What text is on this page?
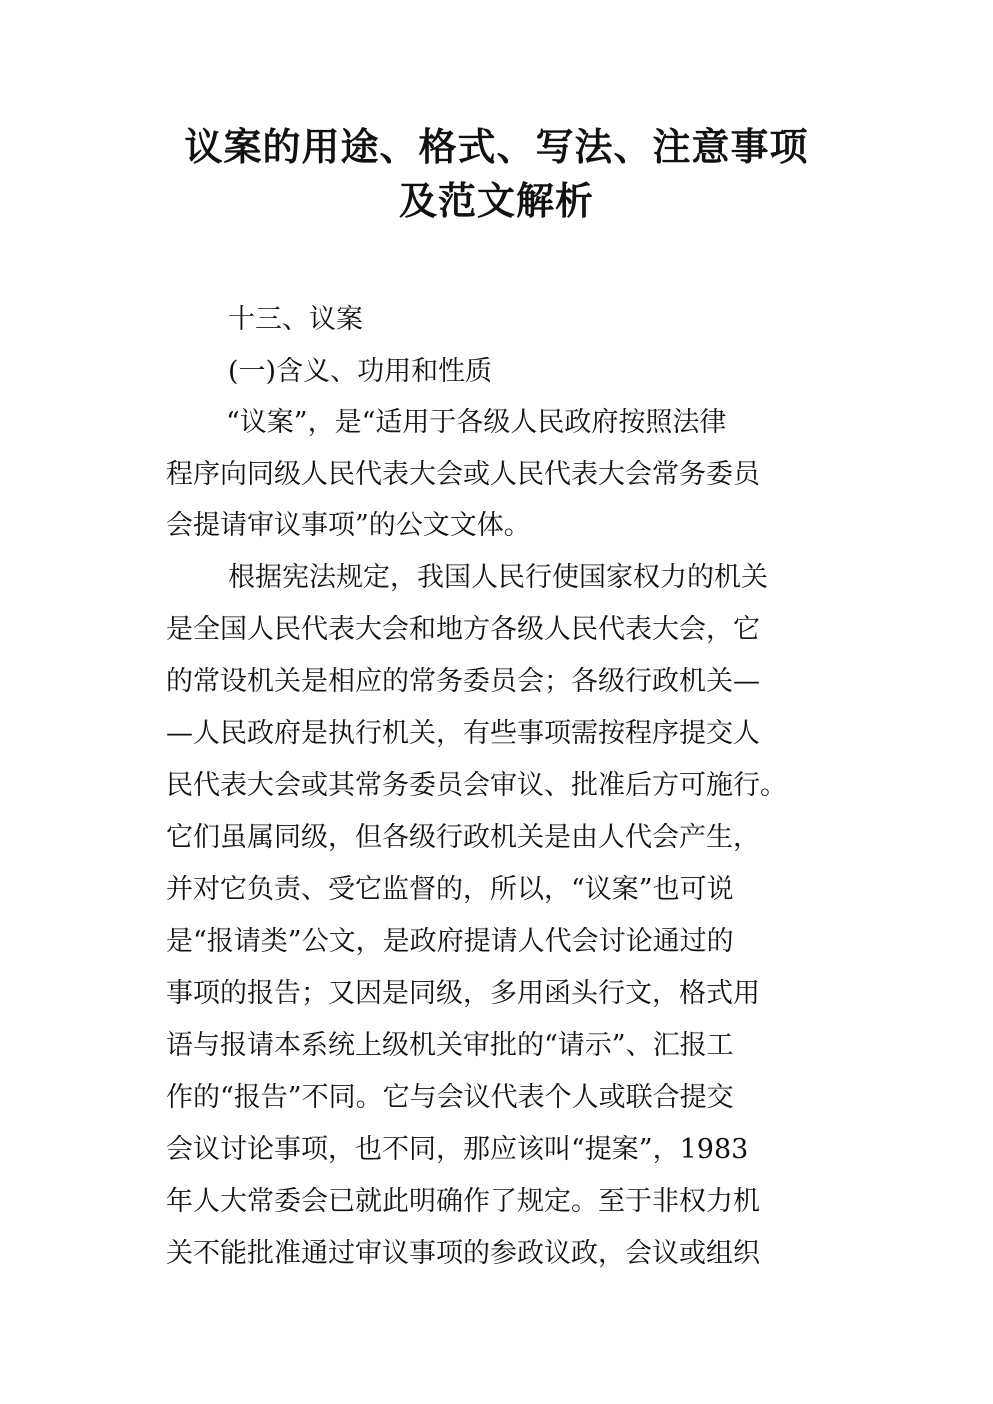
议案的用途、格式、写法、注意事项
及范文解析
十三、议案
(一)含义、功用和性质
“议案”，是“适用于各级人民政府按照法律
程序向同级人民代表大会或人民代表大会常务委员
会提请审议事项”的公文文体。
根据宪法规定，我国人民行使国家权力的机关
是全国人民代表大会和地方各级人民代表大会，它
的常设机关是相应的常务委员会；各级行政机关—
—人民政府是执行机关，有些事项需按程序提交人
民代表大会或其常务委员会审议、批准后方可施行。
它们虽属同级，但各级行政机关是由人代会产生，
并对它负责、受它监督的，所以，“议案”也可说
是“报请类”公文，是政府提请人代会讨论通过的
事项的报告；又因是同级，多用函头行文，格式用
语与报请本系统上级机关审批的“请示”、汇报工
作的“报告”不同。它与会议代表个人或联合提交
会议讨论事项，也不同，那应该叫“提案”，1983
年人大常委会已就此明确作了规定。至于非权力机
关不能批准通过审议事项的参政议政，会议或组织
